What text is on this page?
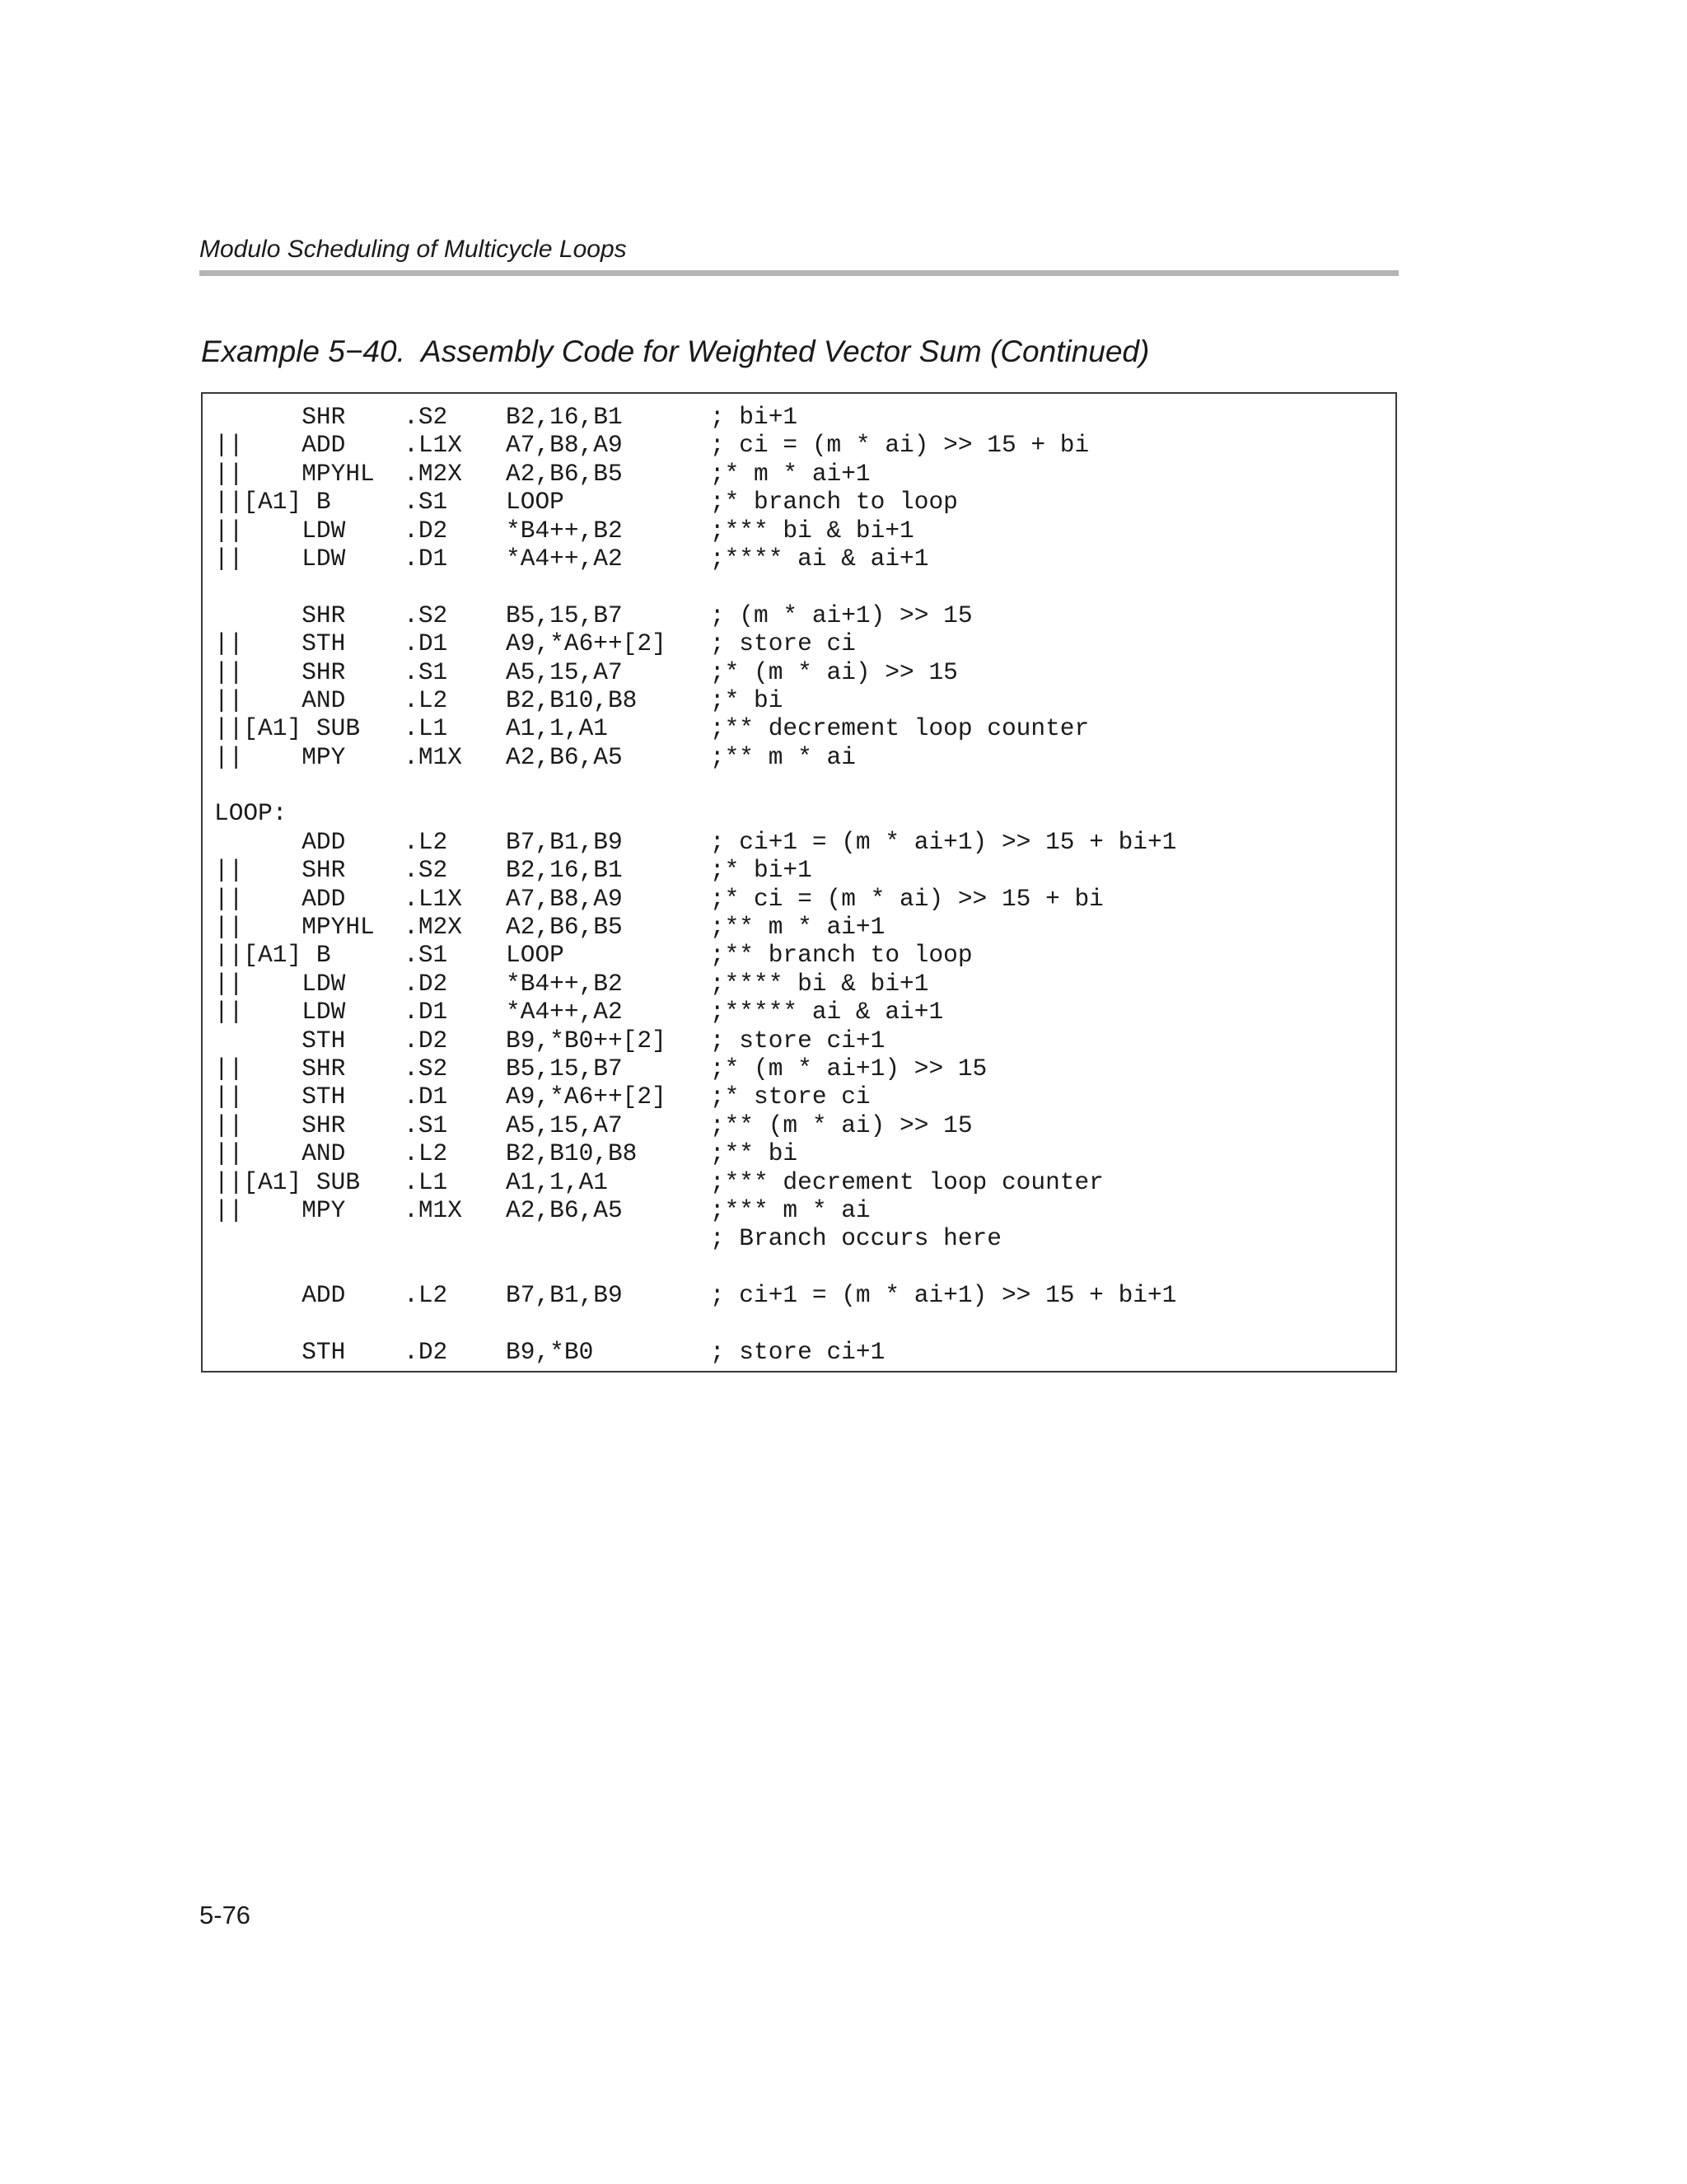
Modulo Scheduling of Multicycle Loops
Example 5−40.  Assembly Code for Weighted Vector Sum (Continued)
SHR    .S2    B2,16,B1      ; bi+1
||    ADD    .L1X   A7,B8,A9      ; ci = (m * ai) >> 15 + bi
||    MPYHL  .M2X   A2,B6,B5      ;* m * ai+1
||[A1] B     .S1    LOOP          ;* branch to loop
||    LDW    .D2    *B4++,B2      ;*** bi & bi+1
||    LDW    .D1    *A4++,A2      ;**** ai & ai+1
SHR    .S2    B5,15,B7      ; (m * ai+1) >> 15
||    STH    .D1    A9,*A6++[2]   ; store ci
||    SHR    .S1    A5,15,A7      ;* (m * ai) >> 15
||    AND    .L2    B2,B10,B8     ;* bi
||[A1] SUB   .L1    A1,1,A1       ;** decrement loop counter
||    MPY    .M1X   A2,B6,A5      ;** m * ai
LOOP:
ADD    .L2    B7,B1,B9      ; ci+1 = (m * ai+1) >> 15 + bi+1
||    SHR    .S2    B2,16,B1      ;* bi+1
||    ADD    .L1X   A7,B8,A9      ;* ci = (m * ai) >> 15 + bi
||    MPYHL  .M2X   A2,B6,B5      ;** m * ai+1
||[A1] B     .S1    LOOP          ;** branch to loop
||    LDW    .D2    *B4++,B2      ;**** bi & bi+1
||    LDW    .D1    *A4++,A2      ;***** ai & ai+1
STH    .D2    B9,*B0++[2]   ; store ci+1
||    SHR    .S2    B5,15,B7      ;* (m * ai+1) >> 15
||    STH    .D1    A9,*A6++[2]   ;* store ci
||    SHR    .S1    A5,15,A7      ;** (m * ai) >> 15
||    AND    .L2    B2,B10,B8     ;** bi
||[A1] SUB   .L1    A1,1,A1       ;*** decrement loop counter
||    MPY    .M1X   A2,B6,A5      ;*** m * ai
; Branch occurs here
ADD    .L2    B7,B1,B9      ; ci+1 = (m * ai+1) >> 15 + bi+1
STH    .D2    B9,*B0        ; store ci+1
5-76
